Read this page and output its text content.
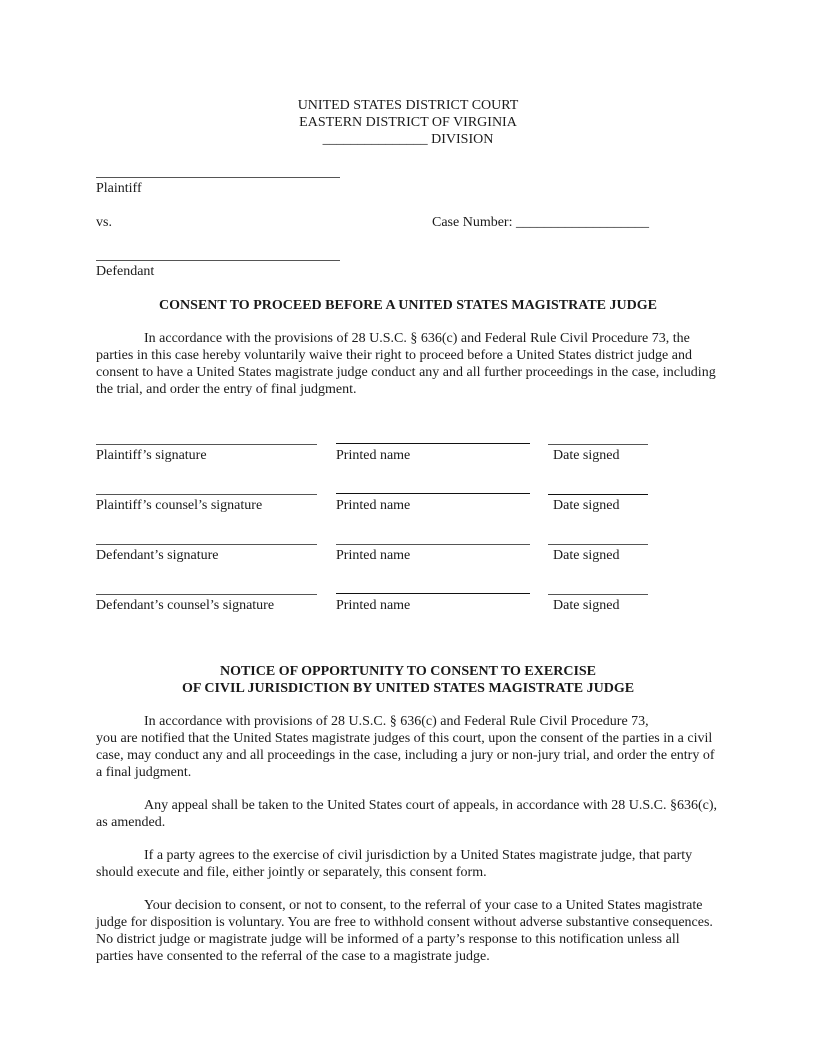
UNITED STATES DISTRICT COURT
EASTERN DISTRICT OF VIRGINIA
_______________ DIVISION
Plaintiff
vs.	Case Number: ___________________
Defendant
CONSENT TO PROCEED BEFORE A UNITED STATES MAGISTRATE JUDGE
In accordance with the provisions of 28 U.S.C. § 636(c) and Federal Rule Civil Procedure 73, the parties in this case hereby voluntarily waive their right to proceed before a United States district judge and consent to have a United States magistrate judge conduct any and all further proceedings in the case, including the trial, and order the entry of final judgment.
Plaintiff’s signature	Printed name	Date signed
Plaintiff’s counsel’s signature	Printed name	Date signed
Defendant’s signature	Printed name	Date signed
Defendant’s counsel’s signature	Printed name	Date signed
NOTICE OF OPPORTUNITY TO CONSENT TO EXERCISE
OF CIVIL JURISDICTION BY UNITED STATES MAGISTRATE JUDGE
In accordance with provisions of 28 U.S.C. § 636(c) and Federal Rule Civil Procedure 73,
you are notified that the United States magistrate judges of this court, upon the consent of the parties in a civil case, may conduct any and all proceedings in the case, including a jury or non-jury trial, and order the entry of a final judgment.
Any appeal shall be taken to the United States court of appeals, in accordance with 28 U.S.C. §636(c), as amended.
If a party agrees to the exercise of civil jurisdiction by a United States magistrate judge, that party should execute and file, either jointly or separately, this consent form.
Your decision to consent, or not to consent, to the referral of your case to a United States magistrate judge for disposition is voluntary. You are free to withhold consent without adverse substantive consequences. No district judge or magistrate judge will be informed of a party’s response to this notification unless all parties have consented to the referral of the case to a magistrate judge.
